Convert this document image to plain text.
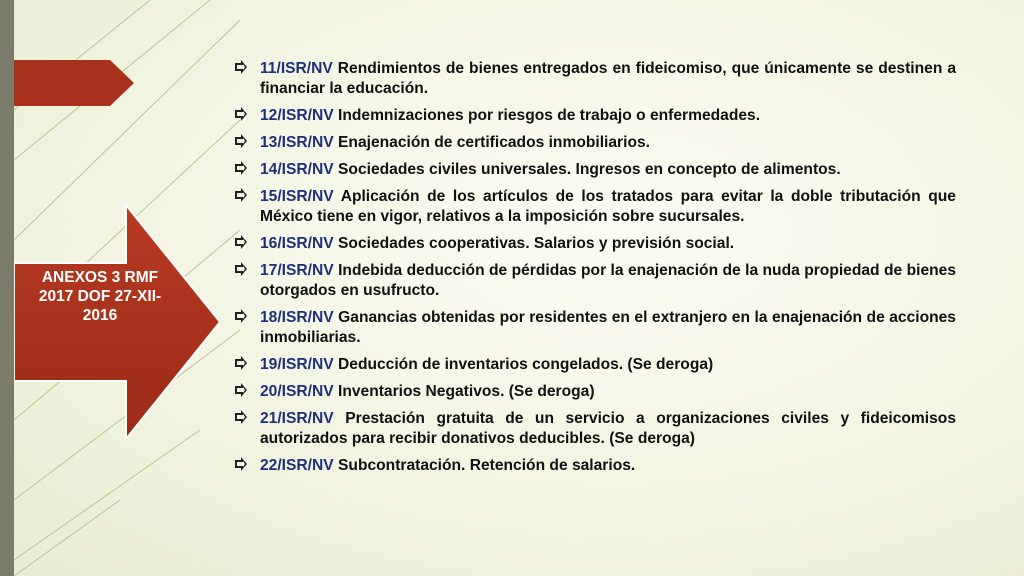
ANEXOS 3 RMF
2017 DOF 27-XII-
2016
11/ISR/NV Rendimientos de bienes entregados en fideicomiso, que únicamente se destinen a financiar la educación.
12/ISR/NV Indemnizaciones por riesgos de trabajo o enfermedades.
13/ISR/NV Enajenación de certificados inmobiliarios.
14/ISR/NV Sociedades civiles universales. Ingresos en concepto de alimentos.
15/ISR/NV Aplicación de los artículos de los tratados para evitar la doble tributación que México tiene en vigor, relativos a la imposición sobre sucursales.
16/ISR/NV Sociedades cooperativas. Salarios y previsión social.
17/ISR/NV Indebida deducción de pérdidas por la enajenación de la nuda propiedad de bienes otorgados en usufructo.
18/ISR/NV Ganancias obtenidas por residentes en el extranjero en la enajenación de acciones inmobiliarias.
19/ISR/NV Deducción de inventarios congelados. (Se deroga)
20/ISR/NV Inventarios Negativos. (Se deroga)
21/ISR/NV Prestación gratuita de un servicio a organizaciones civiles y fideicomisos autorizados para recibir donativos deducibles. (Se deroga)
22/ISR/NV Subcontratación. Retención de salarios.
